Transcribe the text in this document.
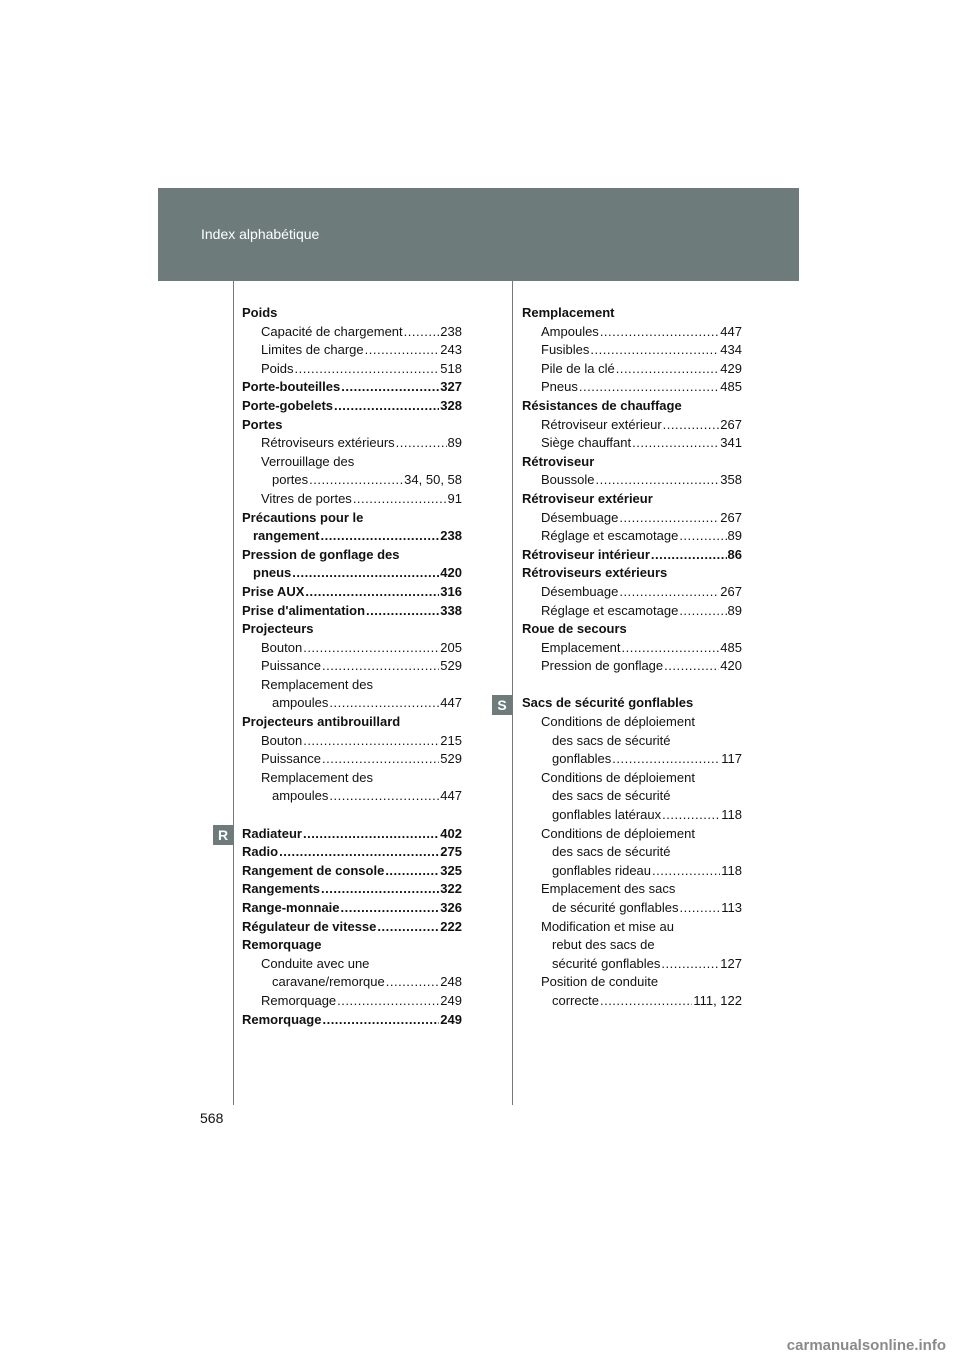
Index alphabétique
R
S
Poids
Capacité de chargement .....	238
Limites de charge .....	243
Poids .....	518
Porte-bouteilles .....	327
Porte-gobelets .....	328
Portes
Rétroviseurs extérieurs .....	89
Verrouillage des
portes .....	34, 50, 58
Vitres de portes .....	91
Précautions pour le
rangement .....	238
Pression de gonflage des
pneus .....	420
Prise AUX .....	316
Prise d'alimentation .....	338
Projecteurs
Bouton .....	205
Puissance .....	529
Remplacement des
ampoules .....	447
Projecteurs antibrouillard
Bouton .....	215
Puissance .....	529
Remplacement des
ampoules .....	447
Radiateur .....	402
Radio .....	275
Rangement de console .....	325
Rangements .....	322
Range-monnaie .....	326
Régulateur de vitesse .....	222
Remorquage
Conduite avec une
caravane/remorque .....	248
Remorquage .....	249
Remorquage .....	249
Remplacement
Ampoules .....	447
Fusibles .....	434
Pile de la clé .....	429
Pneus .....	485
Résistances de chauffage
Rétroviseur extérieur .....	267
Siège chauffant .....	341
Rétroviseur
Boussole .....	358
Rétroviseur extérieur
Désembuage .....	267
Réglage et escamotage .....	89
Rétroviseur intérieur .....	86
Rétroviseurs extérieurs
Désembuage .....	267
Réglage et escamotage .....	89
Roue de secours
Emplacement .....	485
Pression de gonflage .....	420
Sacs de sécurité gonflables
Conditions de déploiement
des sacs de sécurité
gonflables .....	117
Conditions de déploiement
des sacs de sécurité
gonflables latéraux .....	118
Conditions de déploiement
des sacs de sécurité
gonflables rideau .....	118
Emplacement des sacs
de sécurité gonflables .....	113
Modification et mise au
rebut des sacs de
sécurité gonflables .....	127
Position de conduite
correcte .....	111, 122
568
carmanualsonline.info
